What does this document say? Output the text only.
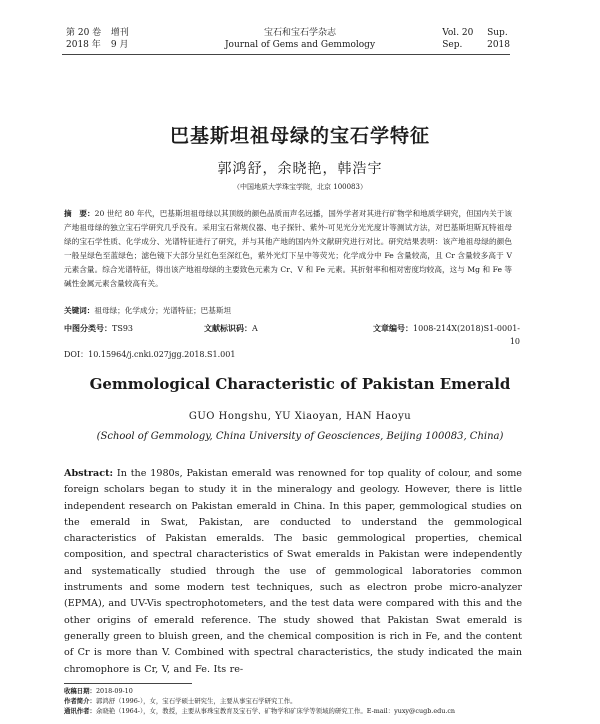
第 20 卷 增刊
2018 年 9 月
宝石和宝石学杂志
Journal of Gems and Gemmology
Vol. 20 Sup.
Sep.	2018
巴基斯坦祖母绿的宝石学特征
郭鸿舒，余晓艳，韩浩宇
（中国地质大学珠宝学院，北京 100083）
摘　要：20 世纪 80 年代，巴基斯坦祖母绿以其顶级的颜色品质而声名远播，国外学者对其进行矿物学和地质学研究，但国内关于该产地祖母绿的独立宝石学研究几乎没有。采用宝石常规仪器、电子探针、紫外-可见光分光光度计等测试方法，对巴基斯坦斯瓦特祖母绿的宝石学性质、化学成分、光谱特征进行了研究，并与其他产地的国内外文献研究进行对比。研究结果表明：该产地祖母绿的颜色一般呈绿色至蓝绿色；滤色镜下大部分呈红色至深红色，紫外光灯下呈中等荧光；化学成分中 Fe 含量较高，且 Cr 含量较多高于 V 元素含量。综合光谱特征，得出该产地祖母绿的主要致色元素为 Cr、V 和 Fe 元素。其折射率和相对密度均较高，这与 Mg 和 Fe 等碱性金属元素含量较高有关。
关键词：祖母绿；化学成分；光谱特征；巴基斯坦
中图分类号：TS93	文献标识码：A	文章编号：1008-214X(2018)S1-0001-10
DOI：10.15964/j.cnki.027jgg.2018.S1.001
Gemmological Characteristic of Pakistan Emerald
GUO Hongshu, YU Xiaoyan, HAN Haoyu
(School of Gemmology, China University of Geosciences, Beijing 100083, China)
Abstract: In the 1980s, Pakistan emerald was renowned for top quality of colour, and some foreign scholars began to study it in the mineralogy and geology. However, there is little independent research on Pakistan emerald in China. In this paper, gemmological studies on the emerald in Swat, Pakistan, are conducted to understand the gemmological characteristics of Pakistan emeralds. The basic gemmological properties, chemical composition, and spectral characteristics of Swat emeralds in Pakistan were independently and systematically studied through the use of gemmological laboratories common instruments and some modern test techniques, such as electron probe micro-analyzer (EPMA), and UV-Vis spectrophotometers, and the test data were compared with this and the other origins of emerald reference. The study showed that Pakistan Swat emerald is generally green to bluish green, and the chemical composition is rich in Fe, and the content of Cr is more than V. Combined with spectral characteristics, the study indicated the main chromophore is Cr, V, and Fe. Its re-
收稿日期：2018-09-10
作者简介：郭鸿舒（1996-），女，宝石学硕士研究生，主要从事宝石学研究工作。
通讯作者：余晓艳（1964-），女，教授，主要从事珠宝教育及宝石学、矿物学和矿床学等领域的研究工作。E-mail：yuxy@cugb.edu.cn
